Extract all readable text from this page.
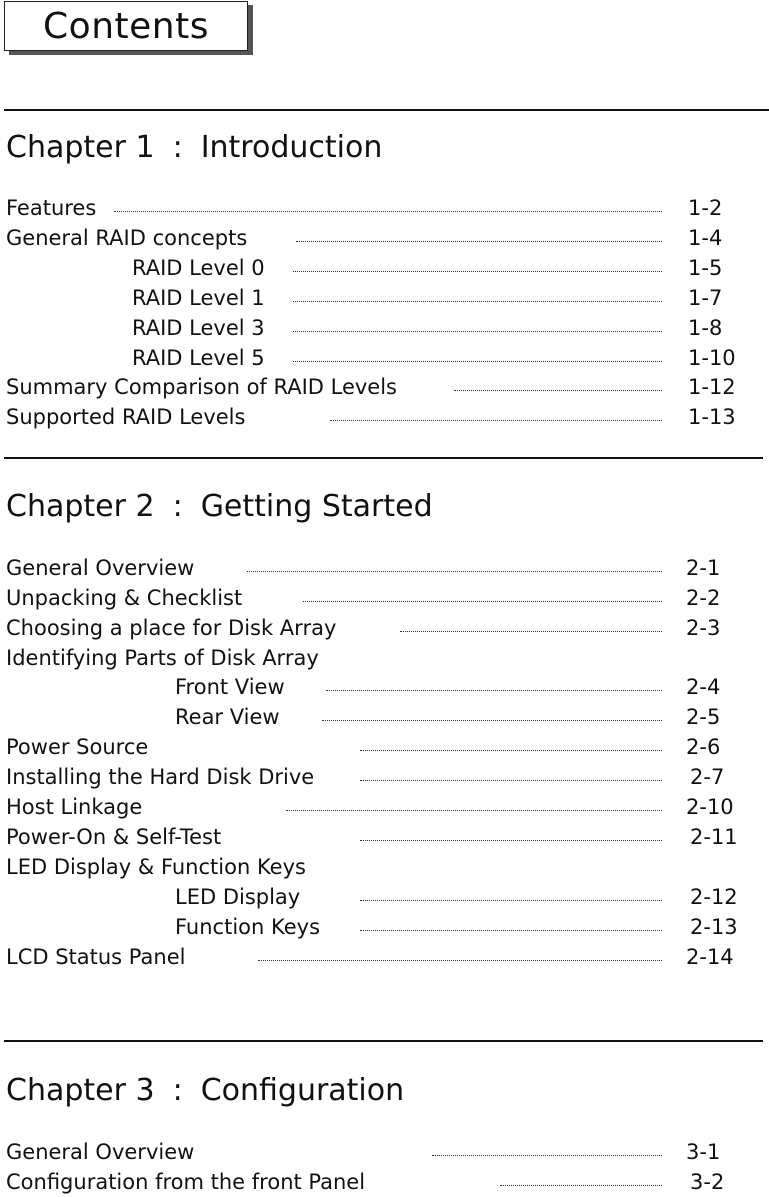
Contents
Chapter 1 : Introduction
Features	1-2
General RAID concepts	1-4
RAID Level 0	1-5
RAID Level 1	1-7
RAID Level 3	1-8
RAID Level 5	1-10
Summary Comparison of RAID Levels	1-12
Supported RAID Levels	1-13
Chapter 2 : Getting Started
General Overview	2-1
Unpacking & Checklist	2-2
Choosing a place for Disk Array	2-3
Identifying Parts of Disk Array
Front View	2-4
Rear View	2-5
Power Source	2-6
Installing the Hard Disk Drive	2-7
Host Linkage	2-10
Power-On & Self-Test	2-11
LED Display & Function Keys
LED Display	2-12
Function Keys	2-13
LCD Status Panel	2-14
Chapter 3 : Configuration
General Overview	3-1
Configuration from the front Panel	3-2
